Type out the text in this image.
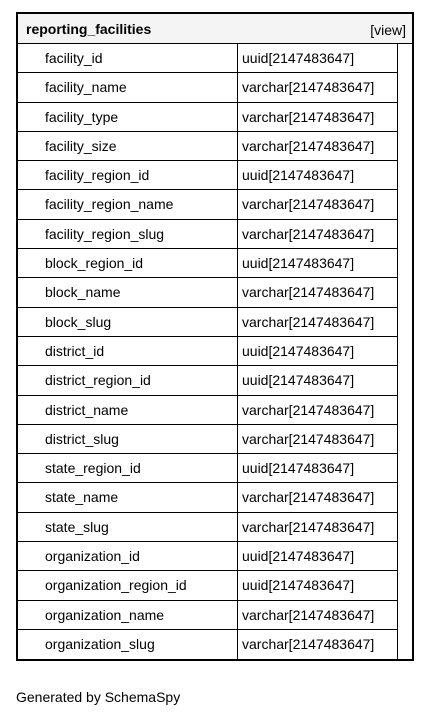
reporting_facilities	[view]
facility_id	uuid[2147483647]
facility_name	varchar[2147483647]
facility_type	varchar[2147483647]
facility_size	varchar[2147483647]
facility_region_id	uuid[2147483647]
facility_region_name	varchar[2147483647]
facility_region_slug	varchar[2147483647]
block_region_id	uuid[2147483647]
block_name	varchar[2147483647]
block_slug	varchar[2147483647]
district_id	uuid[2147483647]
district_region_id	uuid[2147483647]
district_name	varchar[2147483647]
district_slug	varchar[2147483647]
state_region_id	uuid[2147483647]
state_name	varchar[2147483647]
state_slug	varchar[2147483647]
organization_id	uuid[2147483647]
organization_region_id	uuid[2147483647]
organization_name	varchar[2147483647]
organization_slug	varchar[2147483647]
Generated by SchemaSpy
